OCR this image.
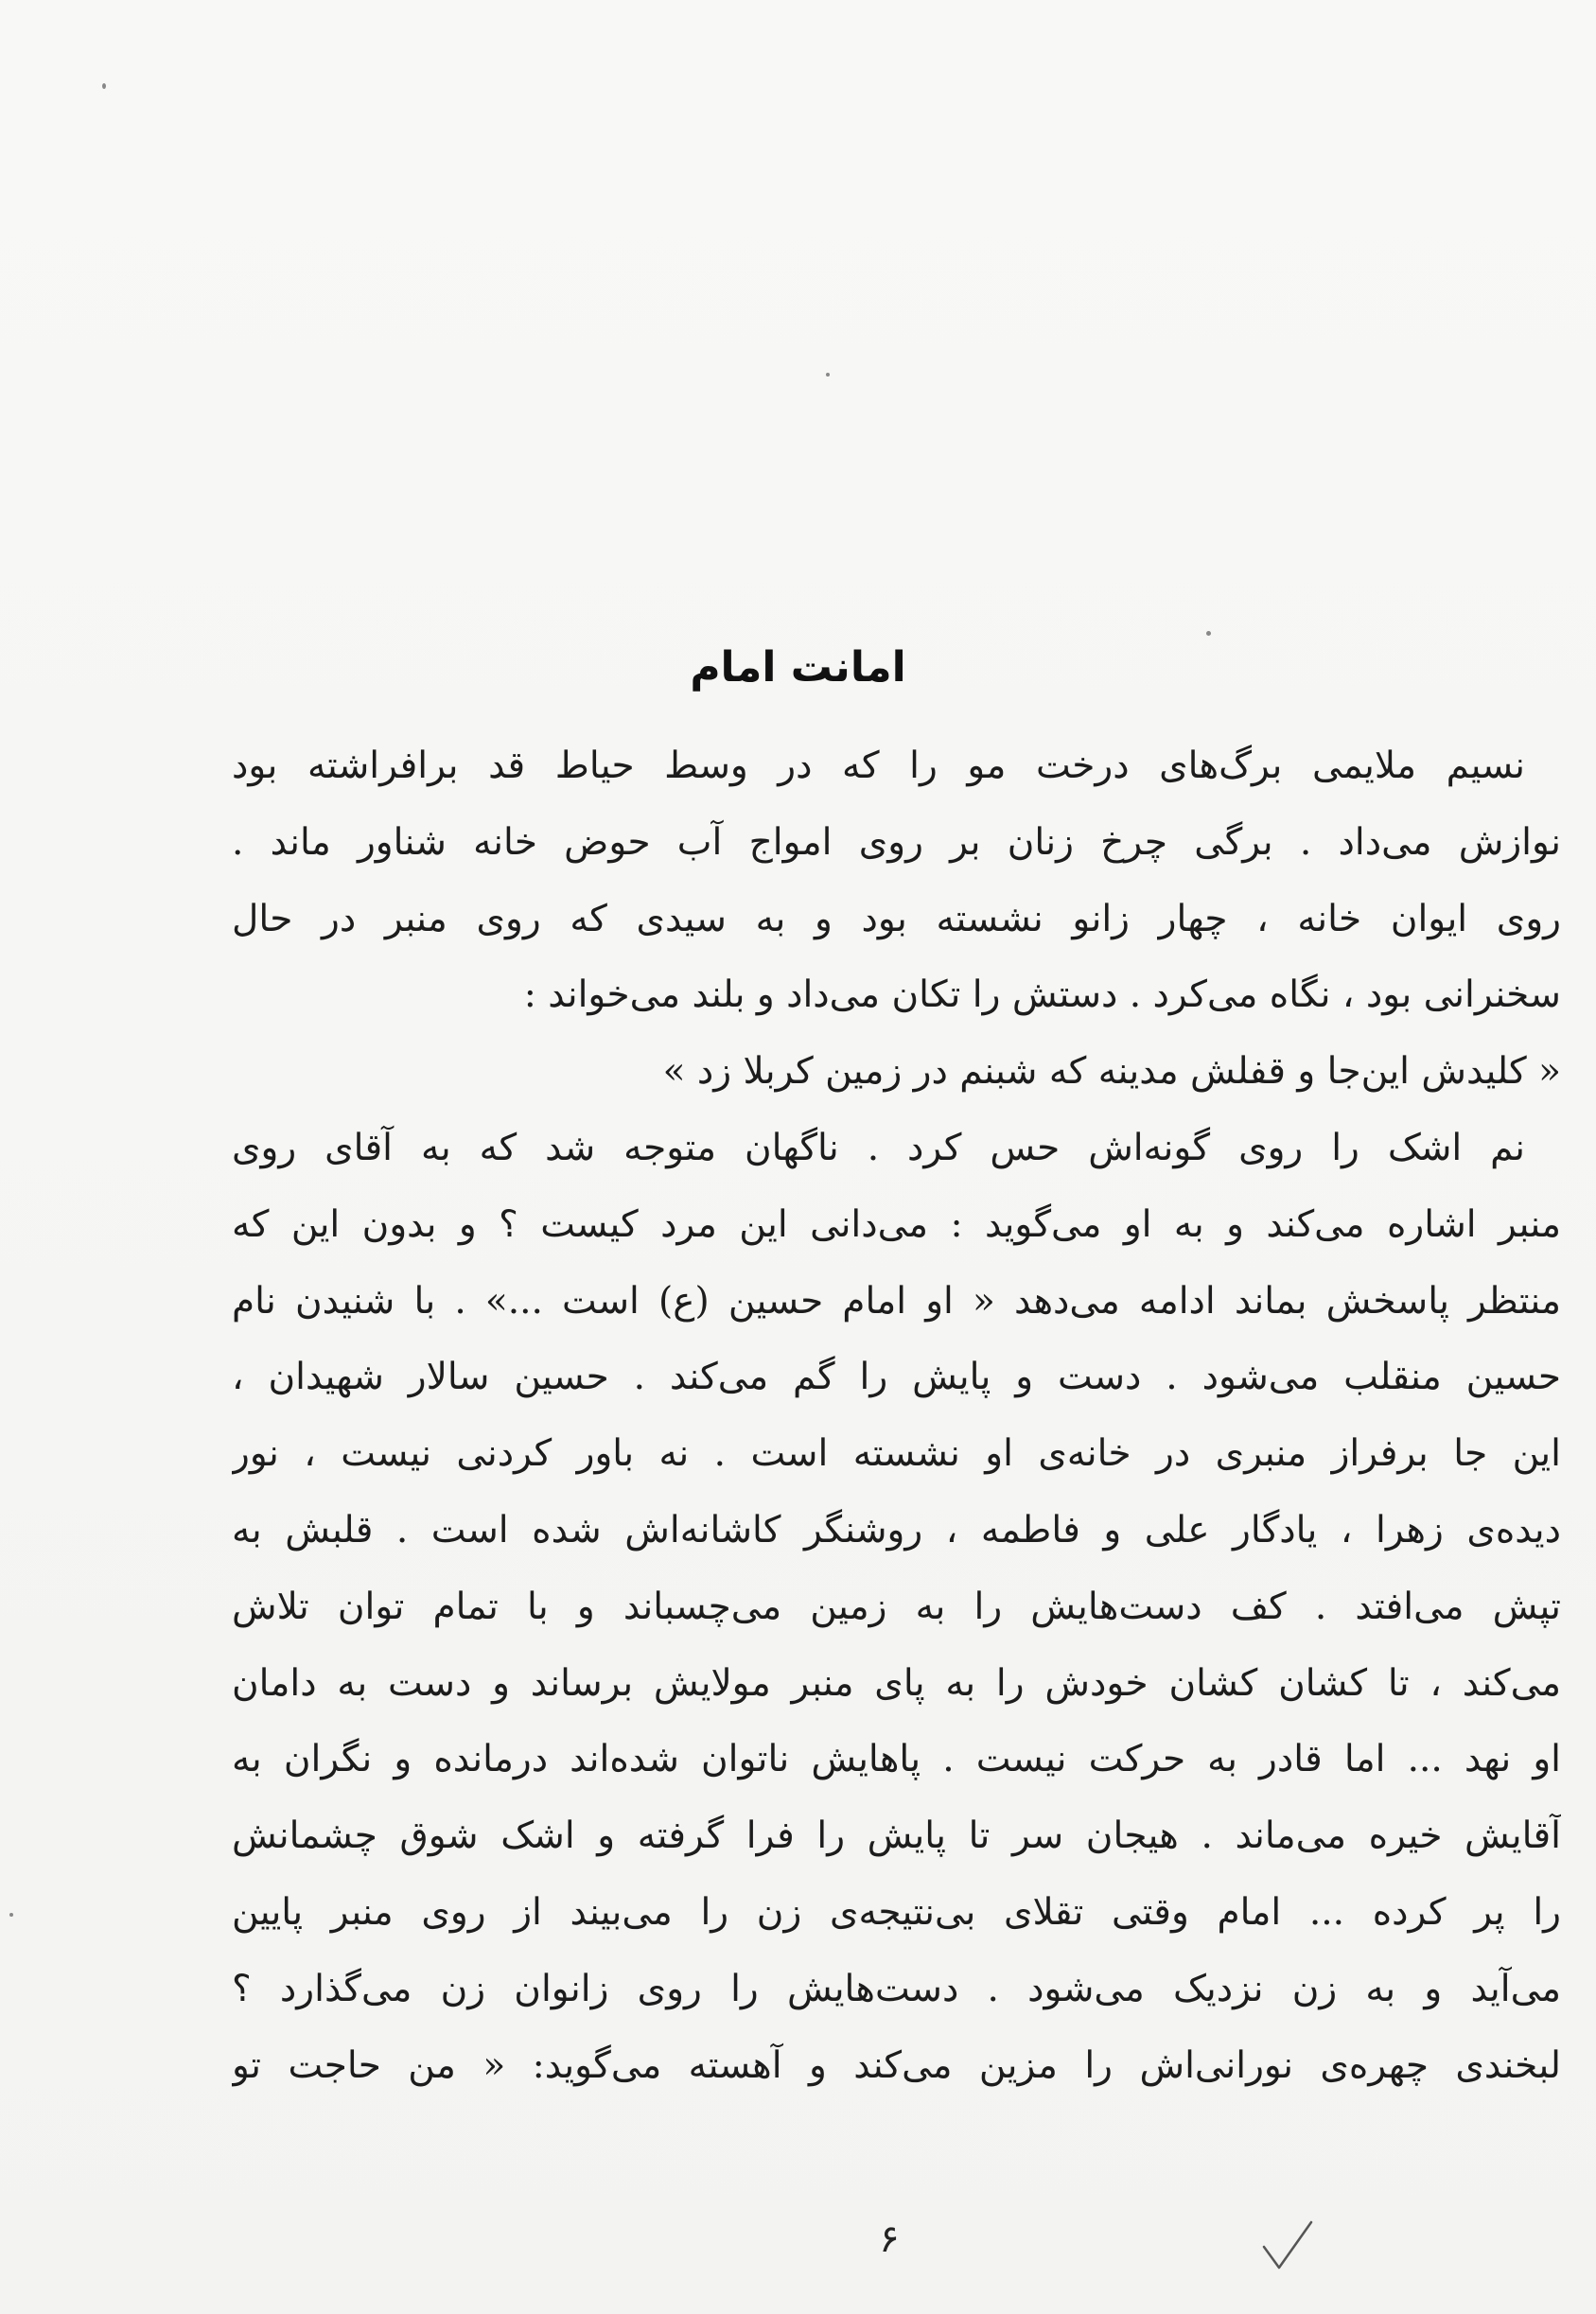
امانت امام
نسیم ملایمی برگ‌های درخت مو را که در وسط حیاط قد برافراشته بود
نوازش می‌داد . برگی چرخ زنان بر روی امواج آب حوض خانه شناور ماند .
روی ایوان خانه ، چهار زانو نشسته بود و به سیدی که روی منبر در حال
سخنرانی بود ، نگاه می‌کرد . دستش را تکان می‌داد و بلند می‌خواند :
« کلیدش این‌جا و قفلش مدینه که شبنم در زمین کربلا زد »
نم اشک را روی گونه‌اش حس کرد . ناگهان متوجه شد که به آقای روی
منبر اشاره می‌کند و به او می‌گوید : می‌دانی این مرد کیست ؟ و بدون این که
منتظر پاسخش بماند ادامه می‌دهد « او امام حسین (ع) است ...» . با شنیدن نام
حسین منقلب می‌شود . دست و پایش را گم می‌کند . حسین سالار شهیدان ،
این جا برفراز منبری در خانه‌ی او نشسته است . نه باور کردنی نیست ، نور
دیده‌ی زهرا ، یادگار علی و فاطمه ، روشنگر کاشانه‌اش شده است . قلبش به
تپش می‌افتد . کف دست‌هایش را به زمین می‌چسباند و با تمام توان تلاش
می‌کند ، تا کشان کشان خودش را به پای منبر مولایش برساند و دست به دامان
او نهد ... اما قادر به حرکت نیست . پاهایش ناتوان شده‌اند درمانده و نگران به
آقایش خیره می‌ماند . هیجان سر تا پایش را فرا گرفته و اشک شوق چشمانش
را پر کرده ... امام وقتی تقلای بی‌نتیجه‌ی زن را می‌بیند از روی منبر پایین
می‌آید و به زن نزدیک می‌شود . دست‌هایش را روی زانوان زن می‌گذارد ؟
لبخندی چهره‌ی نورانی‌اش را مزین می‌کند و آهسته می‌گوید: « من حاجت تو
۶
